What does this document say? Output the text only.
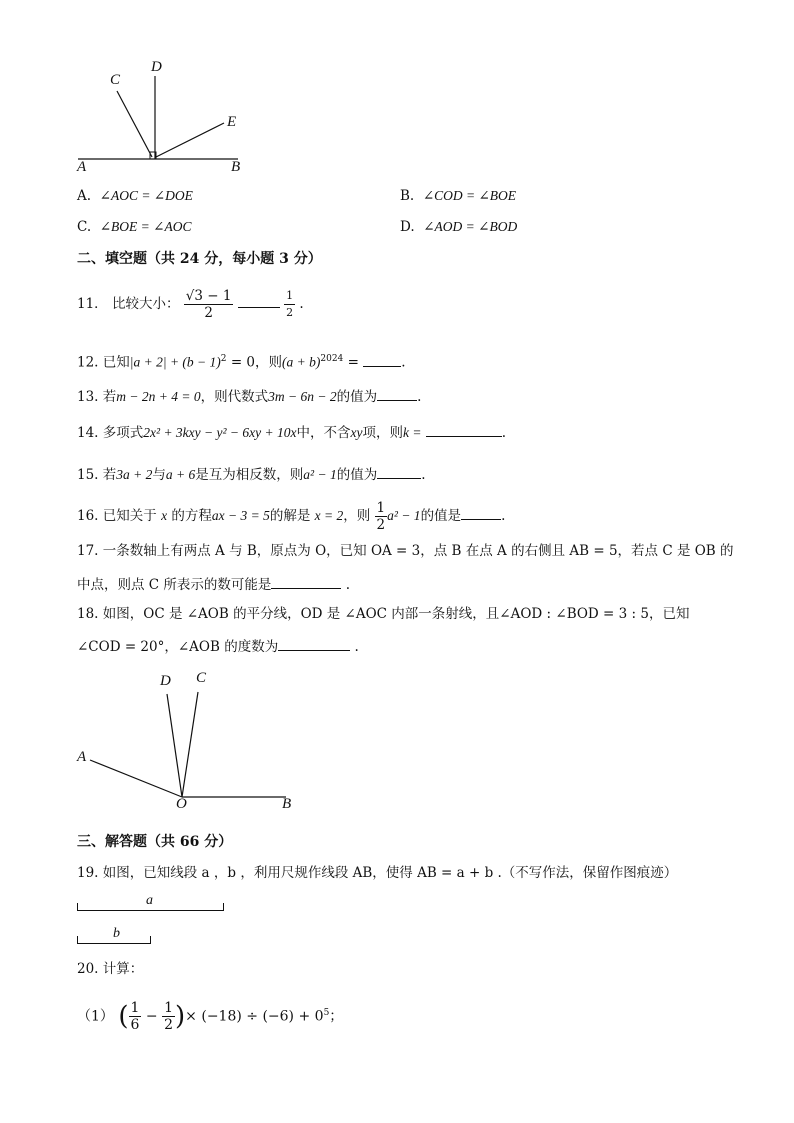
C
D
E
A	B
A. ∠AOC = ∠DOE	B. ∠COD = ∠BOE
C. ∠BOE = ∠AOC	D. ∠AOD = ∠BOD
二、填空题（共 24 分，每小题 3 分）
11． 比较大小： $\frac{√3 - 1}{2}$
	$\frac{1}{2}$ .
12. 已知$|a + 2| + (b - 1)^2 = 0$，则$(a + b)^{2024}$ =	.
13. 若m − 2n + 4 = 0，则代数式3m − 6n − 2的值为	.
14. 多项式2x² + 3kxy − y² − 6xy + 10x中，不含xy项，则k =	.
15. 若3a + 2与a + 6是互为相反数，则a² − 1的值为	.
16. 已知关于 x 的方程ax − 3 = 5的解是 x = 2，则 $\frac{1}{2} a^2 - 1$的值是	.
17. 一条数轴上有两点 A 与 B，原点为 O，已知 OA = 3，点 B 在点 A 的右侧且 AB = 5，若点 C 是 OB 的
中点，则点 C 所表示的数可能是	.
18. 如图，OC 是 ∠AOB 的平分线，OD 是 ∠AOC 内部一条射线，且∠AOD : ∠BOD = 3 : 5，已知
∠COD = 20°，∠AOB 的度数为	.
D C
A
O	B
三、解答题（共 66 分）
19. 如图，已知线段 a ，b ，利用尺规作线段 AB，使得 AB = a + b .（不写作法，保留作图痕迹）
a
b
20. 计算：
（1） ( $\frac{1}{6} - \frac{1}{2}$ )× $(-18) \div (-6) + 0^5$；
